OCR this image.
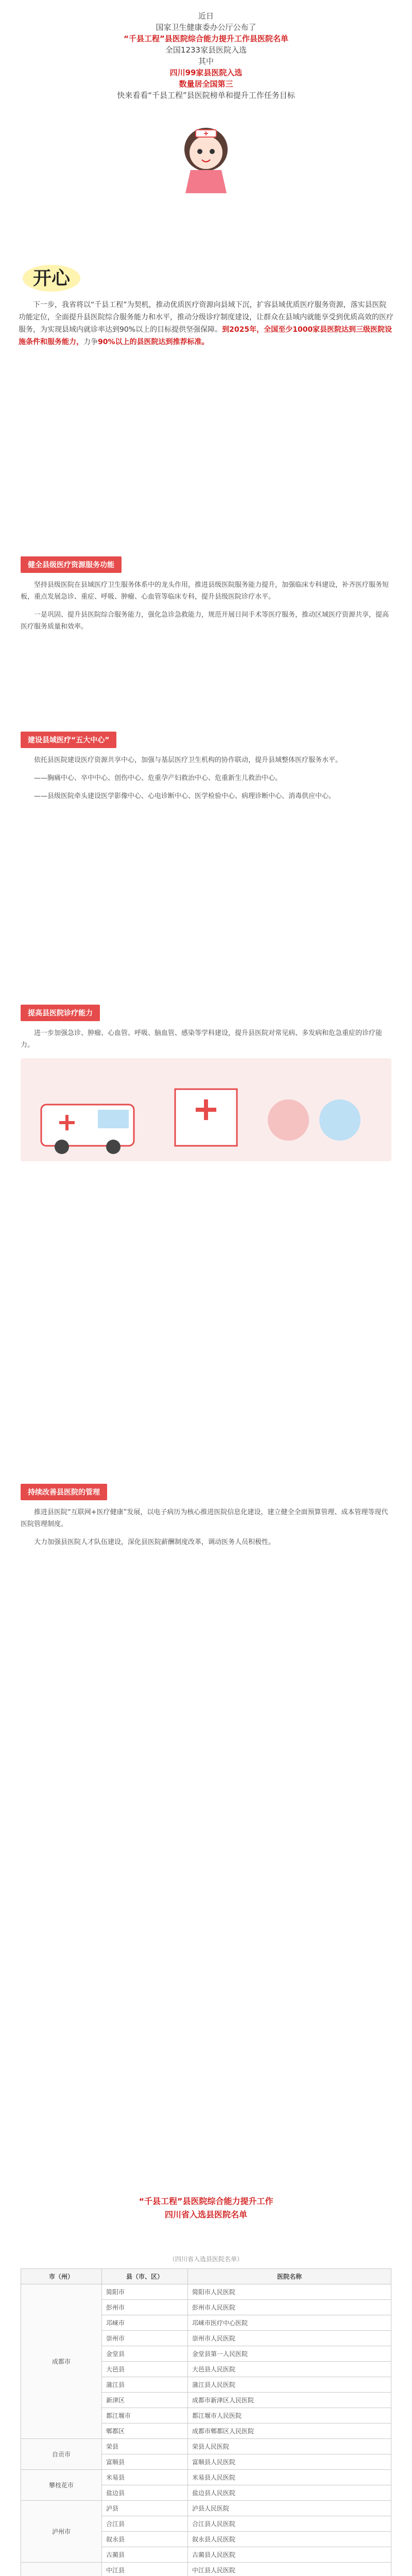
近日
国家卫生健康委办公厅公布了
“千县工程”县医院综合能力提升工作县医院名单
全国1233家县医院入选
其中
四川99家县医院入选
数量居全国第三
快来看看“千县工程”县医院榜单和提升工作任务目标
开心
下一步，我省将以“千县工程”为契机，推动优质医疗资源向县域下沉，扩容县域优质医疗服务资源，落实县医院功能定位，全面提升县医院综合服务能力和水平，推动分级诊疗制度建设，让群众在县域内就能享受到优质高效的医疗服务，为实现县域内就诊率达到90%以上的目标提供坚强保障。到2025年，全国至少1000家县医院达到三级医院设施条件和服务能力，力争90%以上的县医院达到推荐标准。
健全县级医疗资源服务功能
坚持县级医院在县域医疗卫生服务体系中的龙头作用，推进县级医院服务能力提升，加强临床专科建设，补齐医疗服务短板，重点发展急诊、重症、呼吸、肿瘤、心血管等临床专科，提升县级医院诊疗水平。
一是巩固、提升县医院综合服务能力，强化急诊急救能力，规范开展日间手术等医疗服务，推动区域医疗资源共享，提高医疗服务质量和效率。
建设县域医疗“五大中心”
依托县医院建设医疗资源共享中心，加强与基层医疗卫生机构的协作联动，提升县域整体医疗服务水平。
——胸痛中心、卒中中心、创伤中心、危重孕产妇救治中心、危重新生儿救治中心。
——县级医院牵头建设医学影像中心、心电诊断中心、医学检验中心、病理诊断中心、消毒供应中心。
提高县医院诊疗能力
进一步加强急诊、肿瘤、心血管、呼吸、脑血管、感染等学科建设，提升县医院对常见病、多发病和危急重症的诊疗能力。
持续改善县医院的管理
推进县医院“互联网+医疗健康”发展，以电子病历为核心推进医院信息化建设，建立健全全面预算管理、成本管理等现代医院管理制度。
大力加强县医院人才队伍建设，深化县医院薪酬制度改革，调动医务人员积极性。
“千县工程”县医院综合能力提升工作
四川省入选县医院名单
（四川省入选县医院名单）
市（州）	县（市、区）	医院名称
成都市	简阳市	简阳市人民医院
	彭州市	彭州市人民医院
	邛崃市	邛崃市医疗中心医院
	崇州市	崇州市人民医院
	金堂县	金堂县第一人民医院
	大邑县	大邑县人民医院
	蒲江县	蒲江县人民医院
	新津区	成都市新津区人民医院
	都江堰市	都江堰市人民医院
	郫都区	成都市郫都区人民医院
自贡市	荣县	荣县人民医院
	富顺县	富顺县人民医院
攀枝花市	米易县	米易县人民医院
	盐边县	盐边县人民医院
泸州市	泸县	泸县人民医院
	合江县	合江县人民医院
	叙永县	叙永县人民医院
	古蔺县	古蔺县人民医院
	中江县	中江县人民医院
